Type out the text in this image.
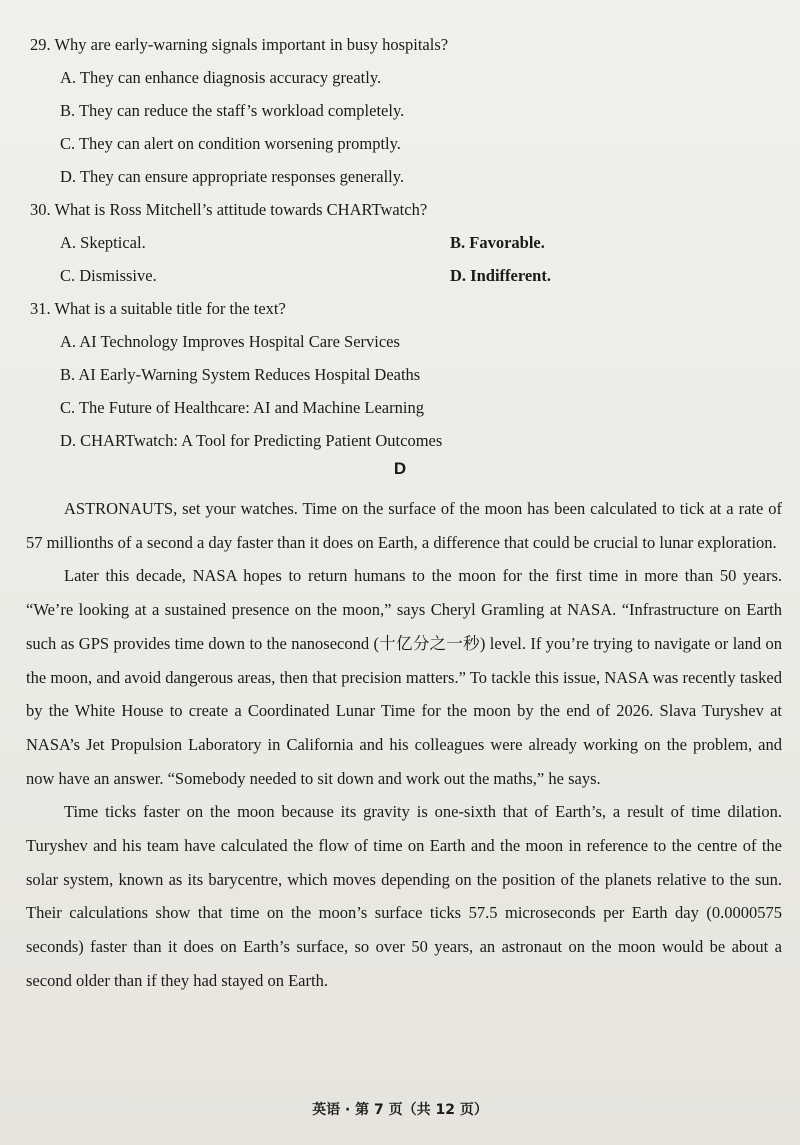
29. Why are early-warning signals important in busy hospitals?
A. They can enhance diagnosis accuracy greatly.
B. They can reduce the staff’s workload completely.
C. They can alert on condition worsening promptly.
D. They can ensure appropriate responses generally.
30. What is Ross Mitchell’s attitude towards CHARTwatch?
A. Skeptical.	B. Favorable.
C. Dismissive.	D. Indifferent.
31. What is a suitable title for the text?
A. AI Technology Improves Hospital Care Services
B. AI Early-Warning System Reduces Hospital Deaths
C. The Future of Healthcare: AI and Machine Learning
D. CHARTwatch: A Tool for Predicting Patient Outcomes
D

ASTRONAUTS, set your watches. Time on the surface of the moon has been calculated to tick at a rate of 57 millionths of a second a day faster than it does on Earth, a difference that could be crucial to lunar exploration.

Later this decade, NASA hopes to return humans to the moon for the first time in more than 50 years. “We’re looking at a sustained presence on the moon,” says Cheryl Gramling at NASA. “Infrastructure on Earth such as GPS provides time down to the nanosecond (十亿分之一秒) level. If you’re trying to navigate or land on the moon, and avoid dangerous areas, then that precision matters.” To tackle this issue, NASA was recently tasked by the White House to create a Coordinated Lunar Time for the moon by the end of 2026. Slava Turyshev at NASA’s Jet Propulsion Laboratory in California and his colleagues were already working on the problem, and now have an answer. “Somebody needed to sit down and work out the maths,” he says.

Time ticks faster on the moon because its gravity is one-sixth that of Earth’s, a result of time dilation. Turyshev and his team have calculated the flow of time on Earth and the moon in reference to the centre of the solar system, known as its barycentre, which moves depending on the position of the planets relative to the sun. Their calculations show that time on the moon’s surface ticks 57.5 microseconds per Earth day (0.0000575 seconds) faster than it does on Earth’s surface, so over 50 years, an astronaut on the moon would be about a second older than if they had stayed on Earth.

英语 · 第 7 页（共 12 页）
